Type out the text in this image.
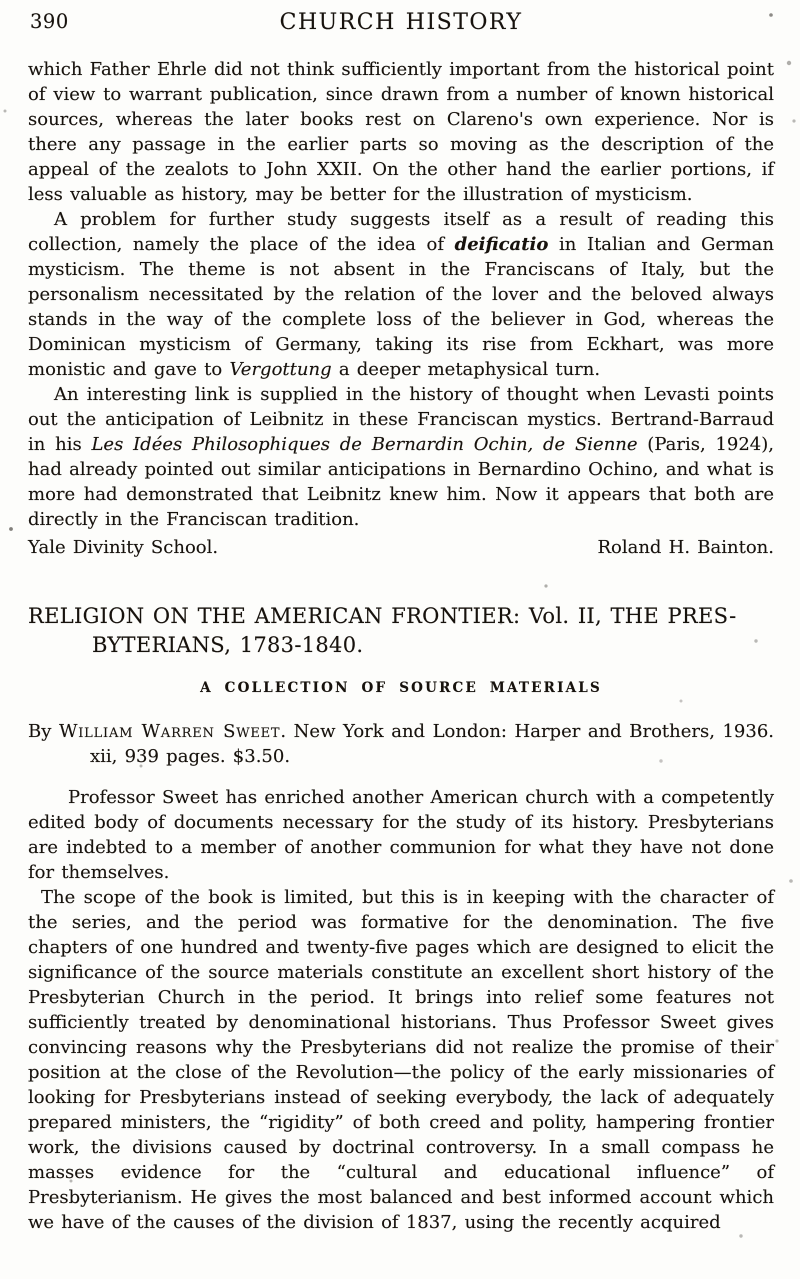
390	CHURCH HISTORY

which Father Ehrle did not think sufficiently important from the historical point of view to warrant publication, since drawn from a number of known historical sources, whereas the later books rest on Clareno's own experience. Nor is there any passage in the earlier parts so moving as the description of the appeal of the zealots to John XXII. On the other hand the earlier portions, if less valuable as history, may be better for the illustration of mysticism.

A problem for further study suggests itself as a result of reading this collection, namely the place of the idea of deificatio in Italian and German mysticism. The theme is not absent in the Franciscans of Italy, but the personalism necessitated by the relation of the lover and the beloved always stands in the way of the complete loss of the believer in God, whereas the Dominican mysticism of Germany, taking its rise from Eckhart, was more monistic and gave to Vergottung a deeper metaphysical turn.

An interesting link is supplied in the history of thought when Levasti points out the anticipation of Leibnitz in these Franciscan mystics. Bertrand-Barraud in his Les Idées Philosophiques de Bernardin Ochin, de Sienne (Paris, 1924), had already pointed out similar anticipations in Bernardino Ochino, and what is more had demonstrated that Leibnitz knew him. Now it appears that both are directly in the Franciscan tradition.

Yale Divinity School.	Roland H. Bainton.
RELIGION ON THE AMERICAN FRONTIER: Vol. II, THE PRES-
BYTERIANS, 1783-1840.
A COLLECTION OF SOURCE MATERIALS

By William Warren Sweet. New York and London: Harper and Brothers, 1936. xii, 939 pages. $3.50.

Professor Sweet has enriched another American church with a competently edited body of documents necessary for the study of its history. Presbyterians are indebted to a member of another communion for what they have not done for themselves.

The scope of the book is limited, but this is in keeping with the character of the series, and the period was formative for the denomination. The five chapters of one hundred and twenty-five pages which are designed to elicit the significance of the source materials constitute an excellent short history of the Presbyterian Church in the period. It brings into relief some features not sufficiently treated by denominational historians. Thus Professor Sweet gives convincing reasons why the Presbyterians did not realize the promise of their position at the close of the Revolution—the policy of the early missionaries of looking for Presbyterians instead of seeking everybody, the lack of adequately prepared ministers, the “rigidity” of both creed and polity, hampering frontier work, the divisions caused by doctrinal controversy. In a small compass he masses evidence for the “cultural and educational influence” of Presbyterianism. He gives the most balanced and best informed account which we have of the causes of the division of 1837, using the recently acquired
